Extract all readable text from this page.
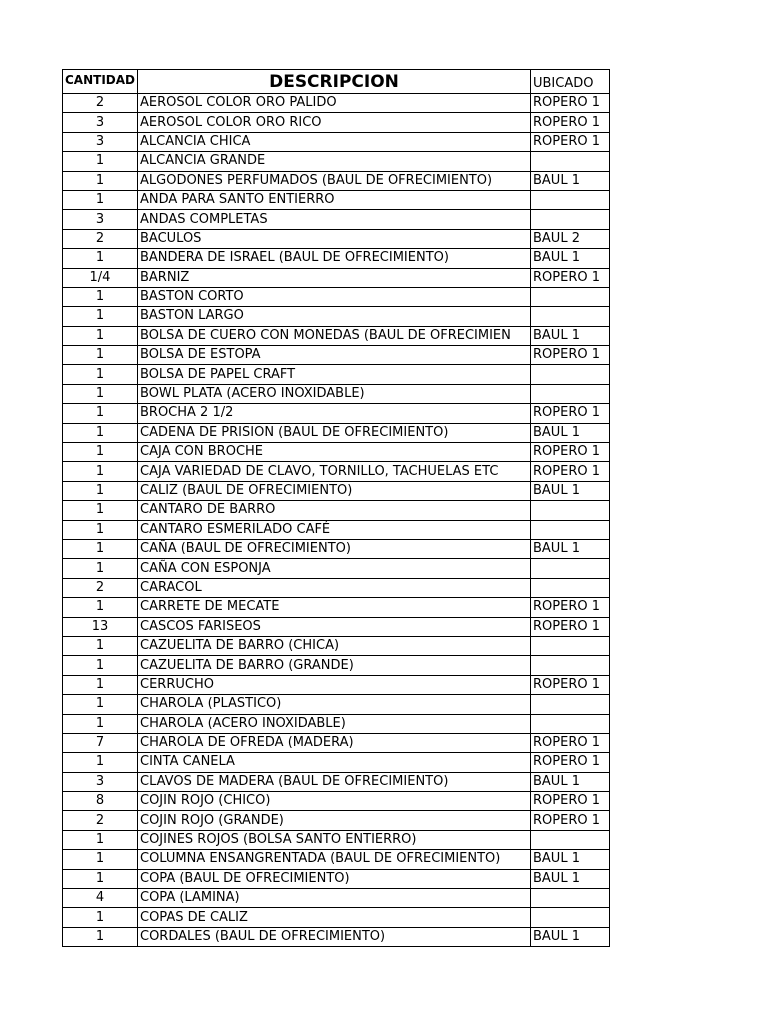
CANTIDAD	DESCRIPCION	UBICADO
2	AEROSOL COLOR ORO PALIDO	ROPERO 1
3	AEROSOL COLOR ORO RICO	ROPERO 1
3	ALCANCIA CHICA	ROPERO 1
1	ALCANCIA GRANDE	
1	ALGODONES PERFUMADOS (BAUL DE OFRECIMIENTO)	BAUL 1
1	ANDA PARA SANTO ENTIERRO	
3	ANDAS COMPLETAS	
2	BACULOS	BAUL 2
1	BANDERA DE ISRAEL (BAUL DE OFRECIMIENTO)	BAUL 1
1/4	BARNIZ	ROPERO 1
1	BASTON CORTO	
1	BASTON LARGO	
1	BOLSA DE CUERO CON MONEDAS (BAUL DE OFRECIMIEN	BAUL 1
1	BOLSA DE ESTOPA	ROPERO 1
1	BOLSA DE PAPEL CRAFT	
1	BOWL PLATA (ACERO INOXIDABLE)	
1	BROCHA 2 1/2	ROPERO 1
1	CADENA DE PRISION (BAUL DE OFRECIMIENTO)	BAUL 1
1	CAJA CON BROCHE	ROPERO 1
1	CAJA VARIEDAD DE CLAVO, TORNILLO, TACHUELAS ETC	ROPERO 1
1	CALIZ (BAUL DE OFRECIMIENTO)	BAUL 1
1	CANTARO DE BARRO	
1	CANTARO ESMERILADO CAFÉ	
1	CAÑA (BAUL DE OFRECIMIENTO)	BAUL 1
1	CAÑA CON ESPONJA	
2	CARACOL	
1	CARRETE DE MECATE	ROPERO 1
13	CASCOS FARISEOS	ROPERO 1
1	CAZUELITA DE BARRO (CHICA)	
1	CAZUELITA DE BARRO (GRANDE)	
1	CERRUCHO	ROPERO 1
1	CHAROLA (PLASTICO)	
1	CHAROLA (ACERO INOXIDABLE)	
7	CHAROLA DE OFREDA (MADERA)	ROPERO 1
1	CINTA CANELA	ROPERO 1
3	CLAVOS DE MADERA (BAUL DE OFRECIMIENTO)	BAUL 1
8	COJIN ROJO (CHICO)	ROPERO 1
2	COJIN ROJO (GRANDE)	ROPERO 1
1	COJINES ROJOS (BOLSA SANTO ENTIERRO)	
1	COLUMNA ENSANGRENTADA (BAUL DE OFRECIMIENTO)	BAUL 1
1	COPA (BAUL DE OFRECIMIENTO)	BAUL 1
4	COPA (LAMINA)	
1	COPAS DE CALIZ	
1	CORDALES (BAUL DE OFRECIMIENTO)	BAUL 1
